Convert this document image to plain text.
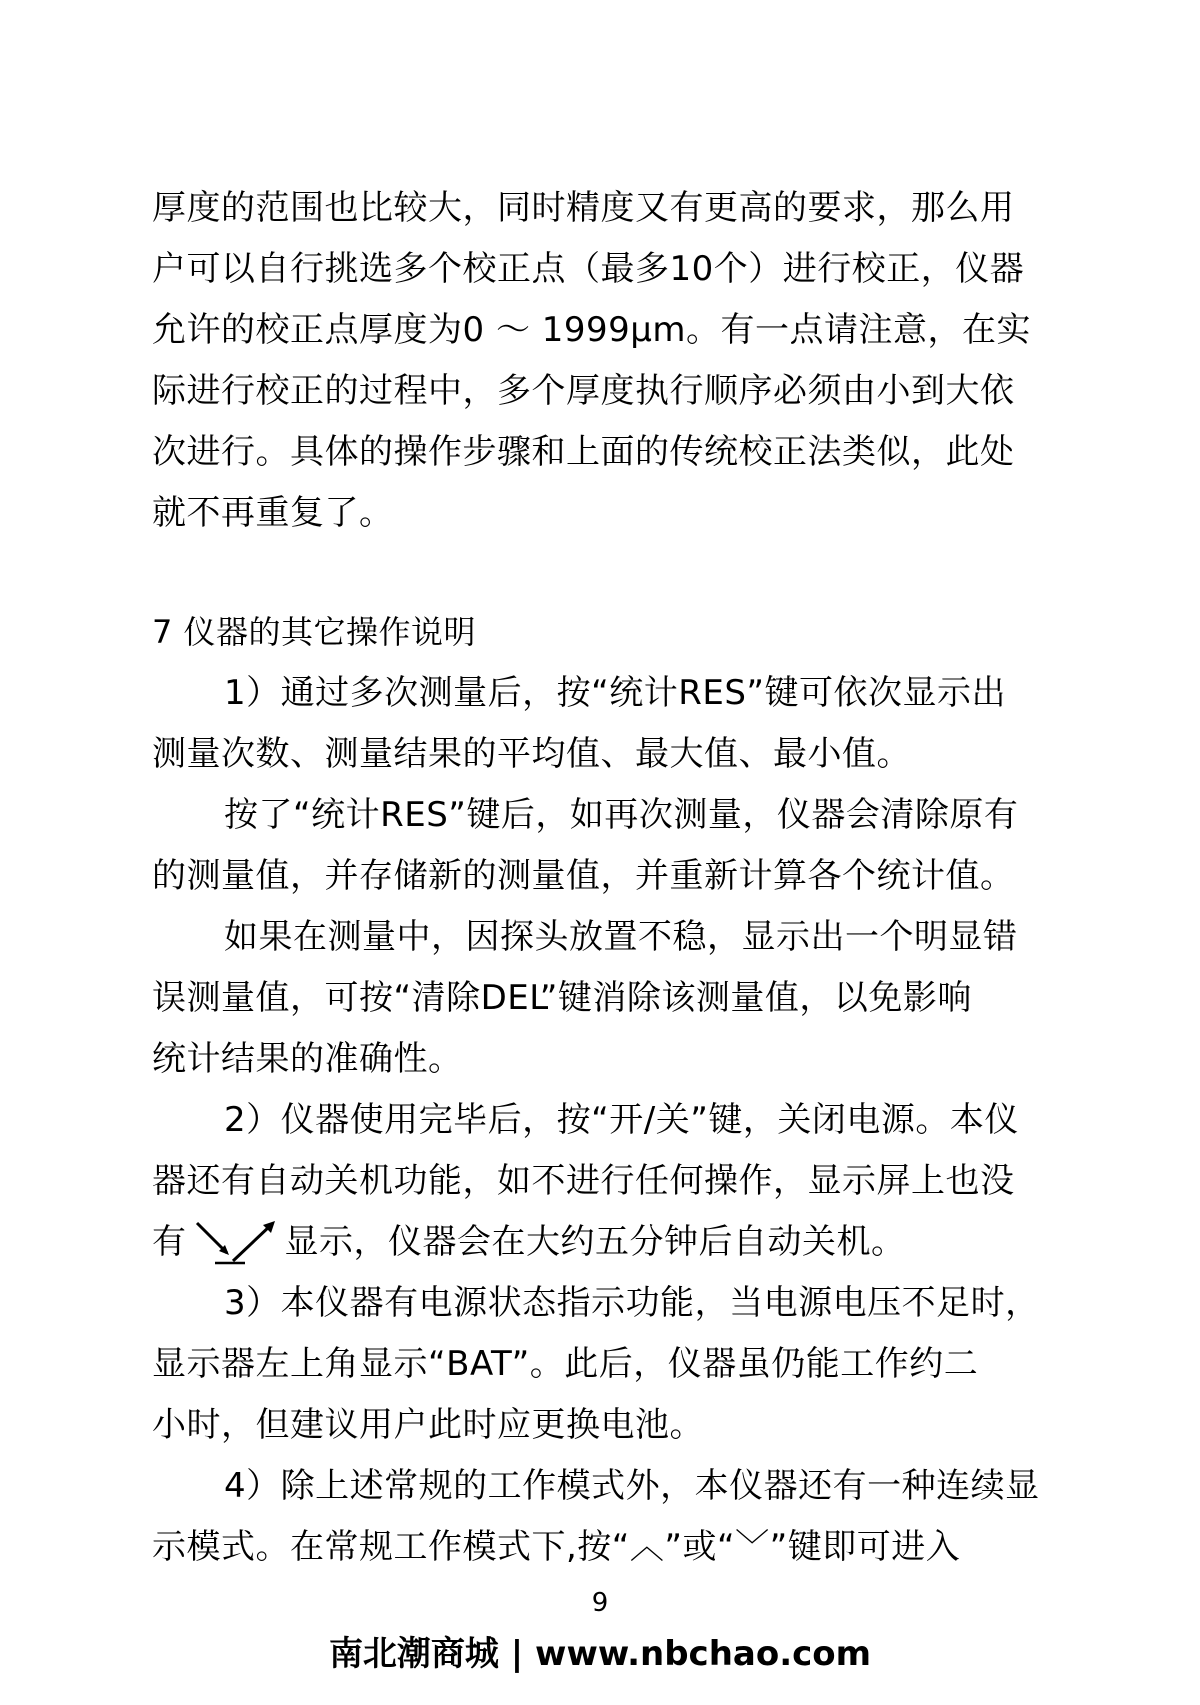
厚度的范围也比较大，同时精度又有更高的要求，那么用
户可以自行挑选多个校正点（最多10个）进行校正，仪器
允许的校正点厚度为0 ～ 1999μm。有一点请注意，在实
际进行校正的过程中，多个厚度执行顺序必须由小到大依
次进行。具体的操作步骤和上面的传统校正法类似，此处
就不再重复了。
7 仪器的其它操作说明
1）通过多次测量后，按“统计RES”键可依次显示出
测量次数、测量结果的平均值、最大值、最小值。
按了“统计RES”键后，如再次测量，仪器会清除原有
的测量值，并存储新的测量值，并重新计算各个统计值。
如果在测量中，因探头放置不稳，显示出一个明显错
误测量值，可按“清除DEL”键消除该测量值，以免影响
统计结果的准确性。
2）仪器使用完毕后，按“开/关”键，关闭电源。本仪
器还有自动关机功能，如不进行任何操作，显示屏上也没
有	显示，仪器会在大约五分钟后自动关机。
3）本仪器有电源状态指示功能，当电源电压不足时，
显示器左上角显示“BAT”。此后，仪器虽仍能工作约二
小时，但建议用户此时应更换电池。
4）除上述常规的工作模式外，本仪器还有一种连续显
示模式。在常规工作模式下,按“︿”或“﹀”键即可进入
9
南北潮商城 | www.nbchao.com
